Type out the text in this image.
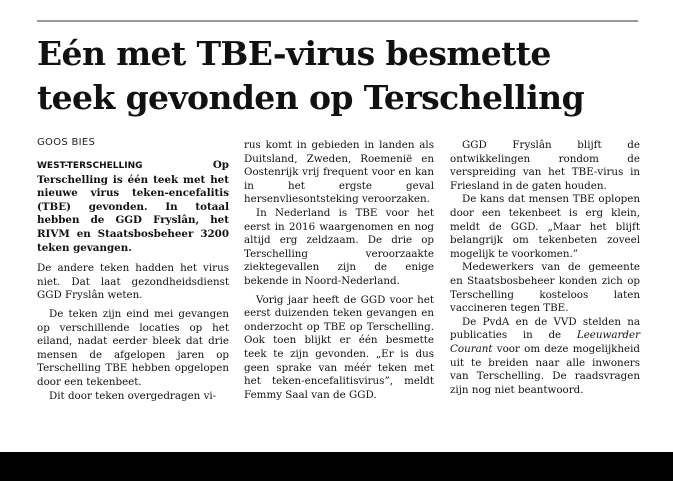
Eén met TBE-virus besmette
teek gevonden op Terschelling
GOOS BIES

WEST-TERSCHELLING Op Terschelling is één teek met het nieuwe virus teken-encefalitis (TBE) gevonden. In totaal hebben de GGD Fryslân, het RIVM en Staatsbosbeheer 3200 teken gevangen.

De andere teken hadden het virus niet. Dat laat gezondheidsdienst GGD Fryslân weten.

De teken zijn eind mei gevangen op verschillende locaties op het eiland, nadat eerder bleek dat drie mensen de afgelopen jaren op Terschelling TBE hebben opgelopen door een tekenbeet.

Dit door teken overgedragen vi-

rus komt in gebieden in landen als Duitsland, Zweden, Roemenië en Oostenrijk vrij frequent voor en kan in het ergste geval hersenvliesontsteking veroorzaken.

In Nederland is TBE voor het eerst in 2016 waargenomen en nog altijd erg zeldzaam. De drie op Terschelling veroorzaakte ziektegevallen zijn de enige bekende in Noord-Nederland.

Vorig jaar heeft de GGD voor het eerst duizenden teken gevangen en onderzocht op TBE op Terschelling. Ook toen blijkt er één besmette teek te zijn gevonden. „Er is dus geen sprake van méér teken met het teken-encefalitisvirus”, meldt Femmy Saal van de GGD.

GGD Fryslân blijft de ontwikkelingen rondom de verspreiding van het TBE-virus in Friesland in de gaten houden.

De kans dat mensen TBE oplopen door een tekenbeet is erg klein, meldt de GGD. „Maar het blijft belangrijk om tekenbeten zoveel mogelijk te voorkomen.”

Medewerkers van de gemeente en Staatsbosbeheer konden zich op Terschelling kosteloos laten vaccineren tegen TBE.

De PvdA en de VVD stelden na publicaties in de Leeuwarder Courant voor om deze mogelijkheid uit te breiden naar alle inwoners van Terschelling. De raadsvragen zijn nog niet beantwoord.
